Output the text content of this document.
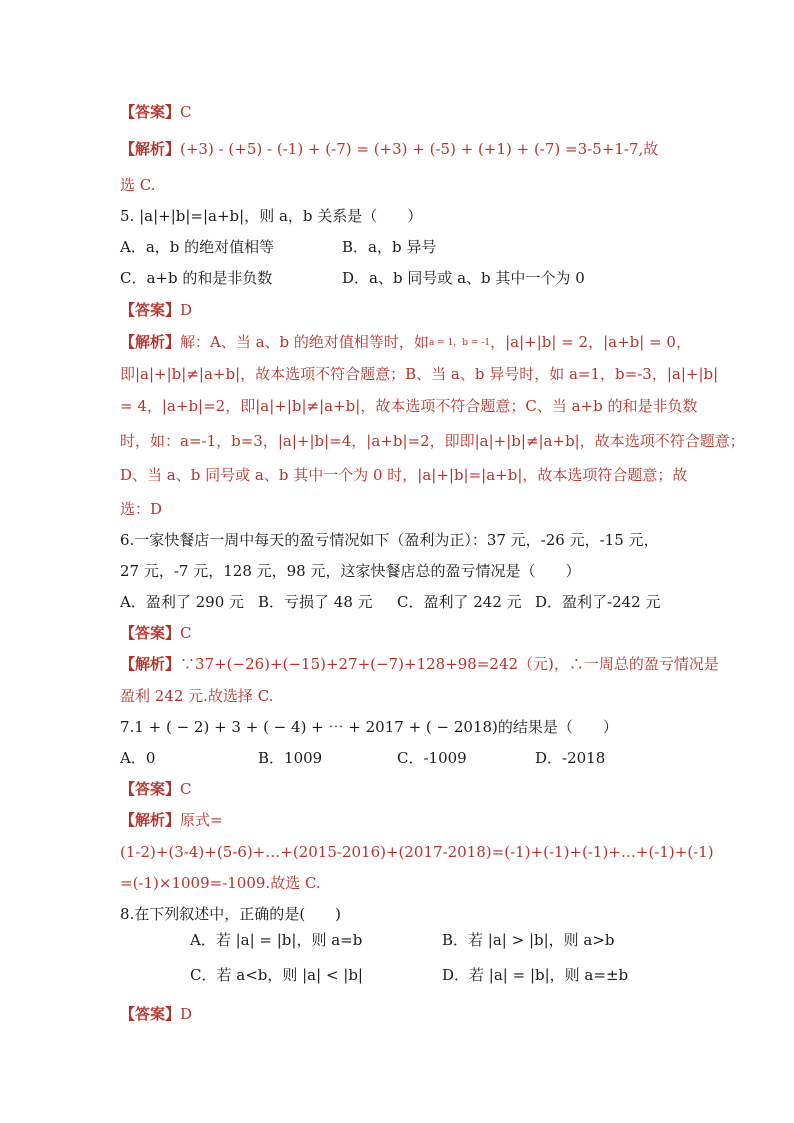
【答案】C
【解析】(+3) - (+5) - (-1) + (-7) = (+3) + (-5) + (+1) + (-7) =3-5+1-7,故
选 C.
5. |a|+|b|=|a+b|，则 a，b 关系是（　　）
A．a，b 的绝对值相等	B．a，b 异号
C．a+b 的和是非负数	D．a、b 同号或 a、b 其中一个为 0
【答案】D
【解析】解：A、当 a、b 的绝对值相等时，如a = 1，b = -1，|a|+|b| = 2，|a+b| = 0，
即|a|+|b|≠|a+b|，故本选项不符合题意；B、当 a、b 异号时，如 a=1，b=-3，|a|+|b|
= 4，|a+b|=2，即|a|+|b|≠|a+b|，故本选项不符合题意；C、当 a+b 的和是非负数
时，如：a=-1，b=3，|a|+|b|=4，|a+b|=2，即即|a|+|b|≠|a+b|，故本选项不符合题意；
D、当 a、b 同号或 a、b 其中一个为 0 时，|a|+|b|=|a+b|，故本选项符合题意；故
选：D
6.一家快餐店一周中每天的盈亏情况如下（盈利为正）：37 元，-26 元，-15 元，
27 元，-7 元，128 元，98 元，这家快餐店总的盈亏情况是（　　）
A．盈利了 290 元 B．亏损了 48 元 C．盈利了 242 元 D．盈利了-242 元
【答案】C
【解析】∵37+(−26)+(−15)+27+(−7)+128+98=242（元)，∴一周总的盈亏情况是
盈利 242 元.故选择 C.
7.1 + ( − 2) + 3 + ( − 4) + ⋯ + 2017 + ( − 2018)的结果是（　　）
A．0	B．1009	C．-1009	D．-2018
【答案】C
【解析】原式=
(1-2)+(3-4)+(5-6)+…+(2015-2016)+(2017-2018)=(-1)+(-1)+(-1)+…+(-1)+(-1)
=(-1)×1009=-1009.故选 C.
8.在下列叙述中，正确的是(　　)
A．若 |a| = |b|，则 a=b	B．若 |a| > |b|，则 a>b
C．若 a<b，则 |a| < |b|	D．若 |a| = |b|，则 a=±b
【答案】D
